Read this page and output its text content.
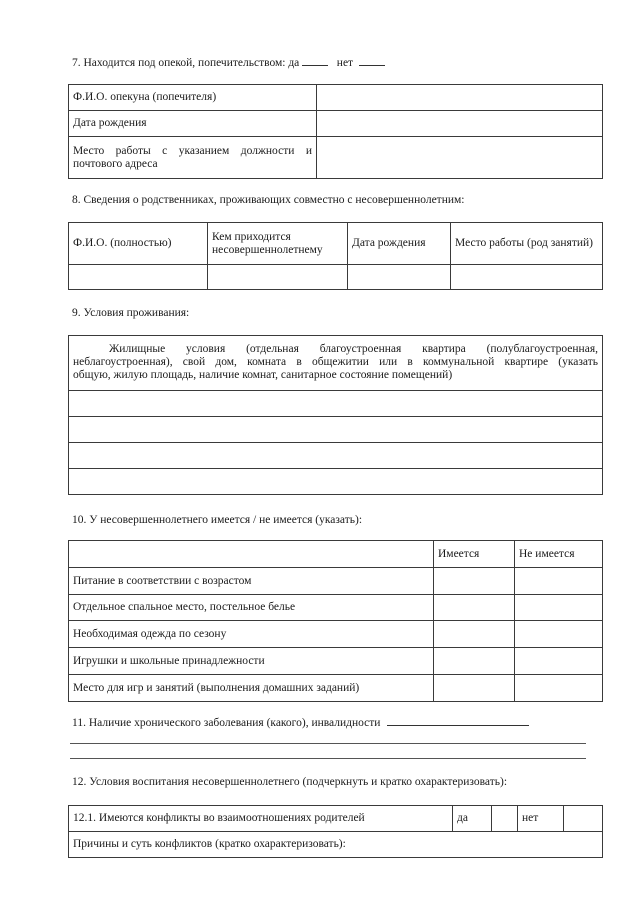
7. Находится под опекой, попечительством: да	нет
Ф.И.О. опекуна (попечителя)	
Дата рождения	

Место работы с указанием должности и
почтового адреса	

8. Сведения о родственниках, проживающих совместно с несовершеннолетним:
Ф.И.О. (полностью)	Кем приходится несовершеннолетнему	Дата рождения	Место работы (род занятий)

9. Условия проживания:
Жилищные условия (отдельная благоустроенная квартира (полублагоустроенная,
неблагоустроенная), свой дом, комната в общежитии или в коммунальной квартире (указать
общую, жилую площадь, наличие комнат, санитарное состояние помещений)

10. У несовершеннолетнего имеется / не имеется (указать):
	Имеется	Не имеется
Питание в соответствии с возрастом		
Отдельное спальное место, постельное белье		
Необходимая одежда по сезону		
Игрушки и школьные принадлежности		
Место для игр и занятий (выполнения домашних заданий)		
11. Наличие хронического заболевания (какого), инвалидности
12. Условия воспитания несовершеннолетнего (подчеркнуть и кратко охарактеризовать):
12.1. Имеются конфликты во взаимоотношениях родителей	да		нет	
Причины и суть конфликтов (кратко охарактеризовать):
